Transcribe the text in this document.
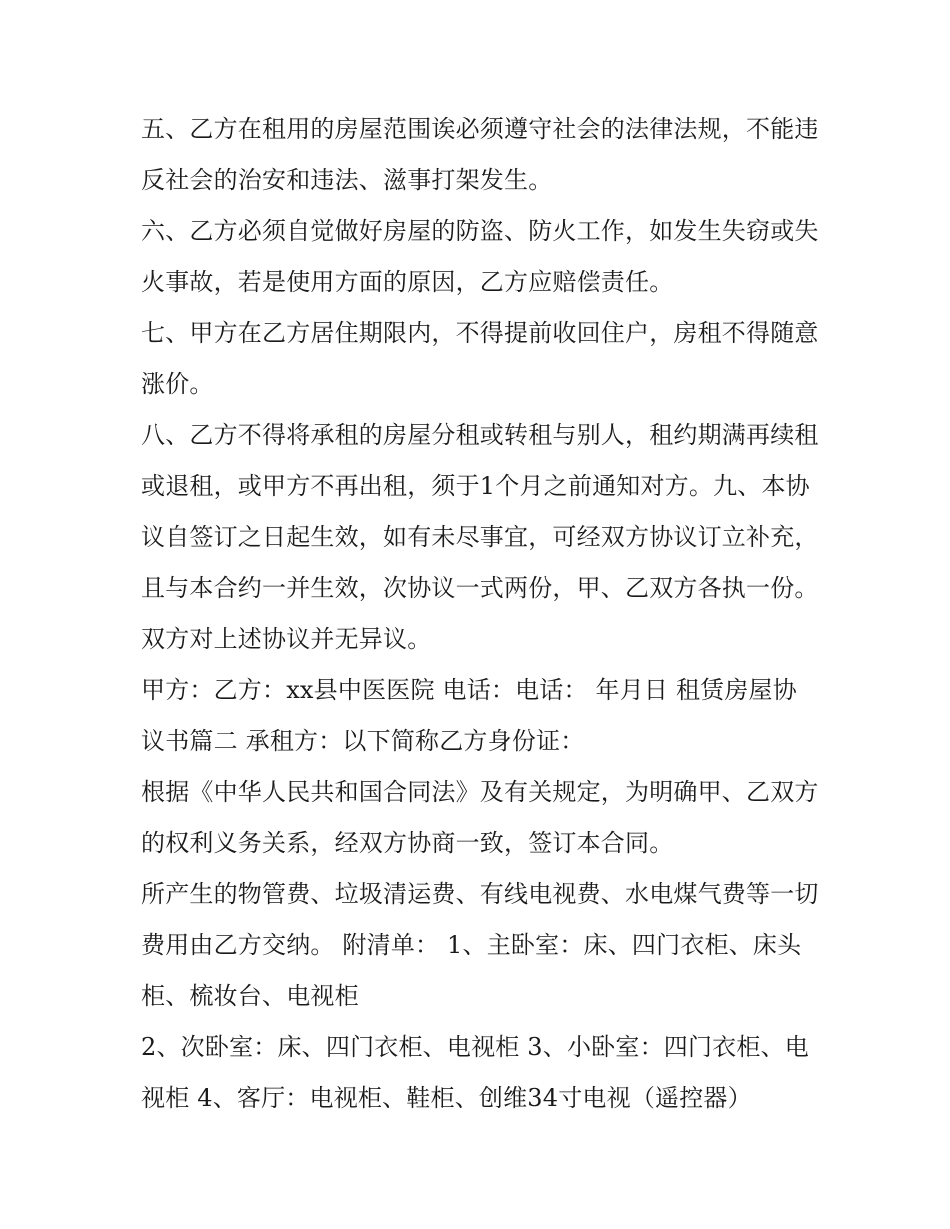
五、乙方在租用的房屋范围诶必须遵守社会的法律法规，不能违反社会的治安和违法、滋事打架发生。

六、乙方必须自觉做好房屋的防盗、防火工作，如发生失窃或失火事故，若是使用方面的原因，乙方应赔偿责任。

七、甲方在乙方居住期限内，不得提前收回住户，房租不得随意涨价。

八、乙方不得将承租的房屋分租或转租与别人，租约期满再续租或退租，或甲方不再出租，须于1个月之前通知对方。九、本协议自签订之日起生效，如有未尽事宜，可经双方协议订立补充，且与本合约一并生效，次协议一式两份，甲、乙双方各执一份。双方对上述协议并无异议。

甲方：乙方：xx县中医医院 电话：电话： 年月日 租赁房屋协议书篇二 承租方：以下简称乙方身份证：

根据《中华人民共和国合同法》及有关规定，为明确甲、乙双方的权利义务关系，经双方协商一致，签订本合同。

所产生的物管费、垃圾清运费、有线电视费、水电煤气费等一切费用由乙方交纳。 附清单： 1、主卧室：床、四门衣柜、床头柜、梳妆台、电视柜

2、次卧室：床、四门衣柜、电视柜 3、小卧室：四门衣柜、电视柜 4、客厅：电视柜、鞋柜、创维34寸电视（遥控器）
